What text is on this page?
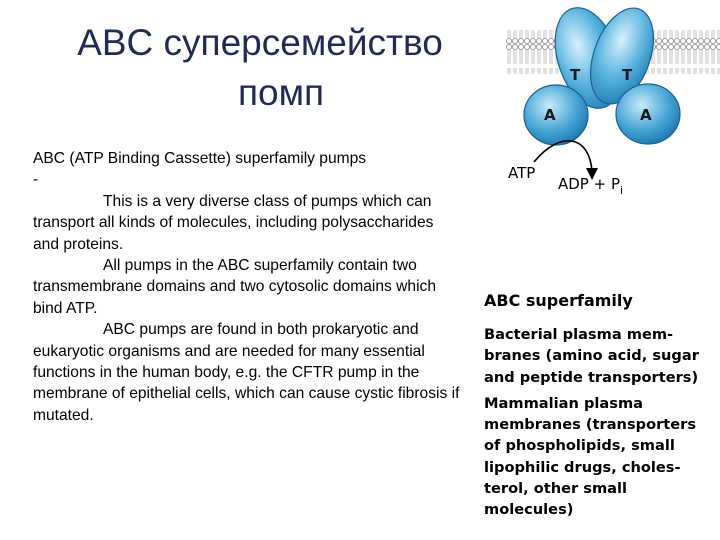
ABC суперсемейство
помп

ABC (ATP Binding Cassette) superfamily pumps

-

This is a very diverse class of pumps which can transport all kinds of molecules, including polysaccharides and proteins.

All pumps in the ABC superfamily contain two transmembrane domains and two cytosolic domains which bind ATP.

ABC pumps are found in both prokaryotic and eukaryotic organisms and are needed for many essential functions in the human body, e.g. the CFTR pump in the membrane of epithelial cells, which can cause cystic fibrosis if mutated.

T	T
A	A
ATP
ADP + $P_i$
ABC superfamily
Bacterial plasma mem-
branes (amino acid, sugar
and peptide transporters)
Mammalian plasma
membranes (transporters
of phospholipids, small
lipophilic drugs, choles-
terol, other small
molecules)
